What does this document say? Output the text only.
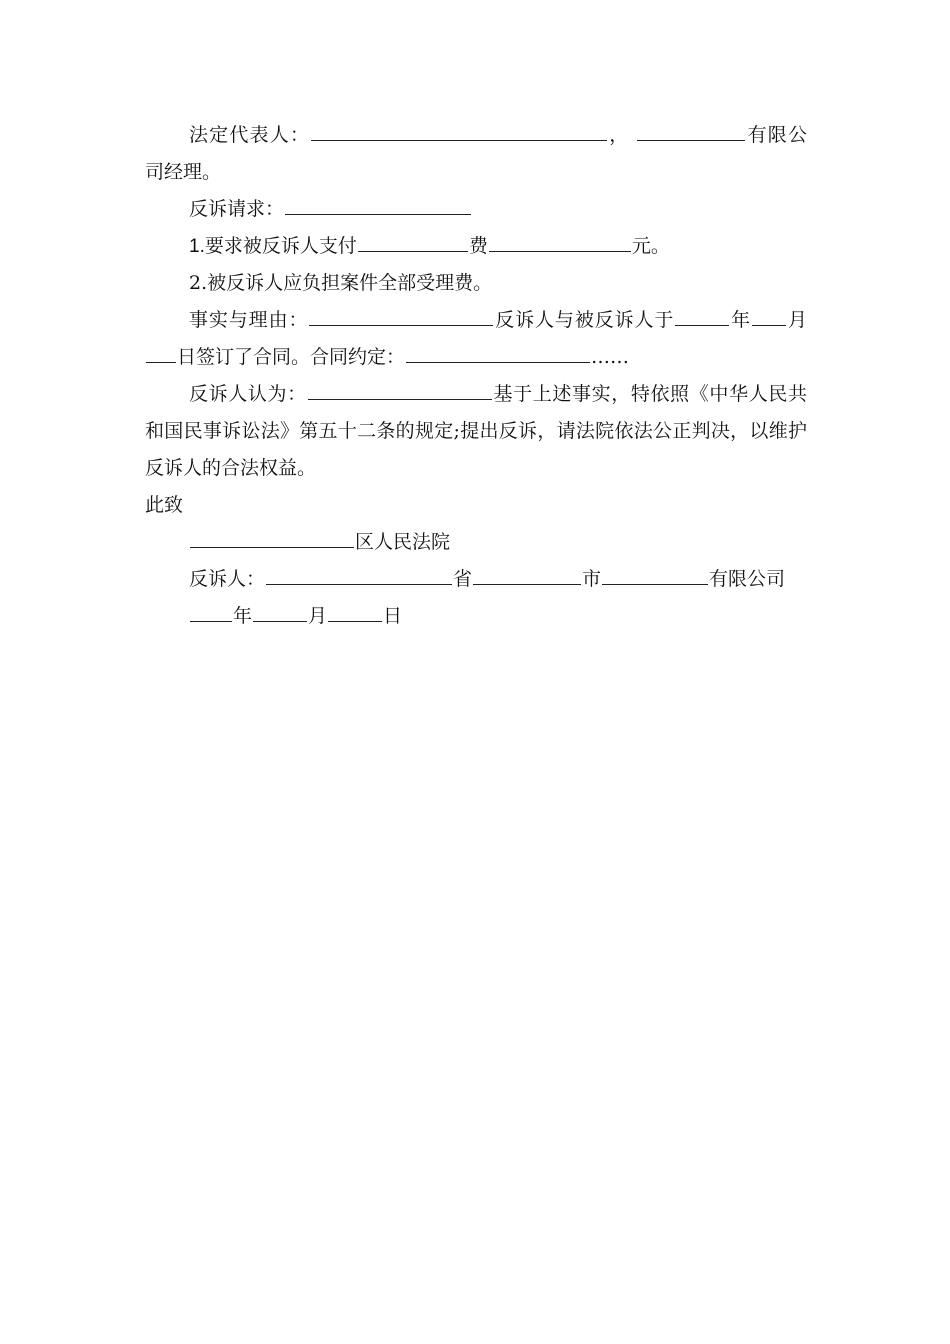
法定代表人：	，	有限公司经理。

反诉请求：

1.要求被反诉人支付	费	元。

2.被反诉人应负担案件全部受理费。

事实与理由：	反诉人与被反诉人于	年 月日签订了合同。合同约定：	……

反诉人认为：	基于上述事实，特依照《中华人民共和国民事诉讼法》第五十二条的规定;提出反诉，请法院依法公正判决，以维护反诉人的合法权益。

此致

区人民法院

反诉人：	省	市	有限公司

年	月	日
